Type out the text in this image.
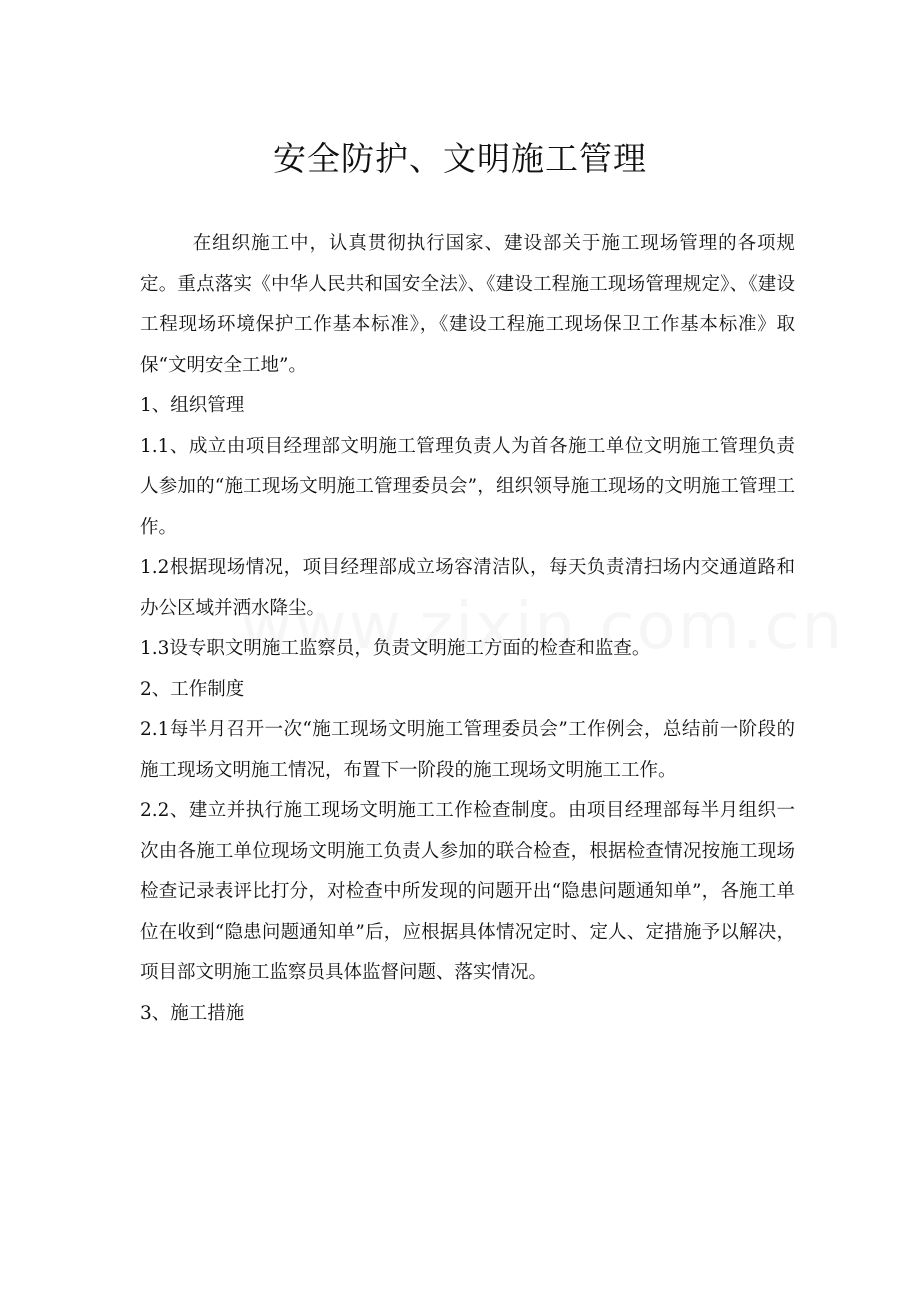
安全防护、文明施工管理

在组织施工中，认真贯彻执行国家、建设部关于施工现场管理的各项规定。重点落实《中华人民共和国安全法》、《建设工程施工现场管理规定》、《建设工程现场环境保护工作基本标准》，《建设工程施工现场保卫工作基本标准》取保“文明安全工地”。

1、组织管理

1.1、成立由项目经理部文明施工管理负责人为首各施工单位文明施工管理负责人参加的“施工现场文明施工管理委员会”，组织领导施工现场的文明施工管理工作。

1.2根据现场情况，项目经理部成立场容清洁队，每天负责清扫场内交通道路和办公区域并洒水降尘。

1.3设专职文明施工监察员，负责文明施工方面的检查和监查。

2、工作制度

2.1每半月召开一次“施工现场文明施工管理委员会”工作例会，总结前一阶段的施工现场文明施工情况，布置下一阶段的施工现场文明施工工作。

2.2、建立并执行施工现场文明施工工作检查制度。由项目经理部每半月组织一次由各施工单位现场文明施工负责人参加的联合检查，根据检查情况按施工现场检查记录表评比打分，对检查中所发现的问题开出“隐患问题通知单”，各施工单位在收到“隐患问题通知单”后，应根据具体情况定时、定人、定措施予以解决，项目部文明施工监察员具体监督问题、落实情况。

3、施工措施
